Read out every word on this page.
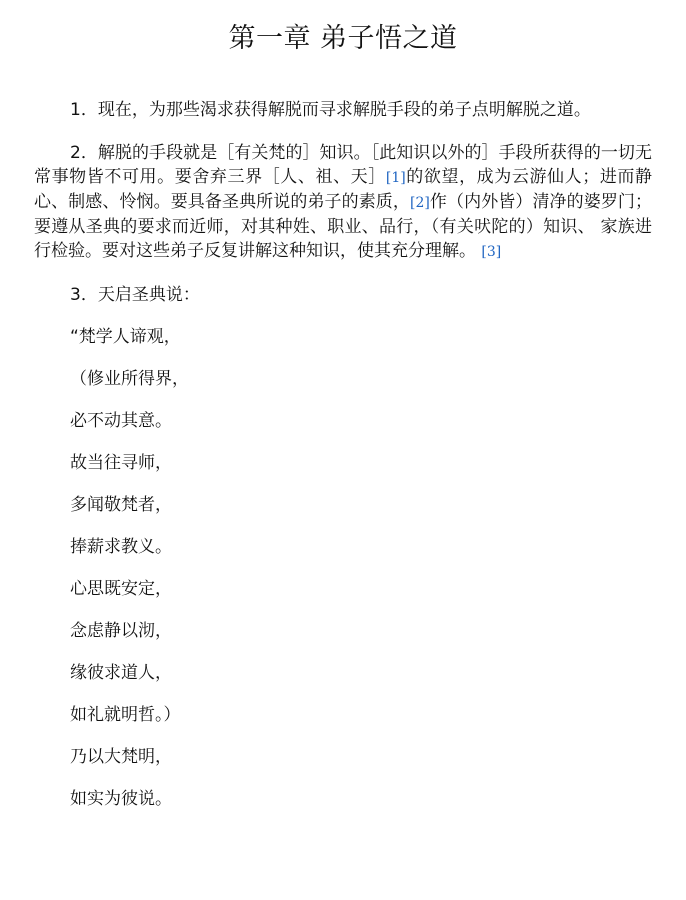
第一章 弟子悟之道

1．现在，为那些渴求获得解脱而寻求解脱手段的弟子点明解脱之道。

2．解脱的手段就是［有关梵的］知识。［此知识以外的］手段所获得的一切无常事物皆不可用。要舍弃三界［人、祖、天］[1]的欲望，成为云游仙人；进而静心、制感、怜悯。要具备圣典所说的弟子的素质，[2]作（内外皆）清净的婆罗门；要遵从圣典的要求而近师，对其种姓、职业、品行，（有关吠陀的）知识、 家族进行检验。要对这些弟子反复讲解这种知识，使其充分理解。 [3]

3．天启圣典说：

“梵学人谛观，

（修业所得界，

必不动其意。

故当往寻师，

多闻敬梵者，

捧薪求教义。

心思既安定，

念虑静以沏，

缘彼求道人，

如礼就明哲。）

乃以大梵明，

如实为彼说。
